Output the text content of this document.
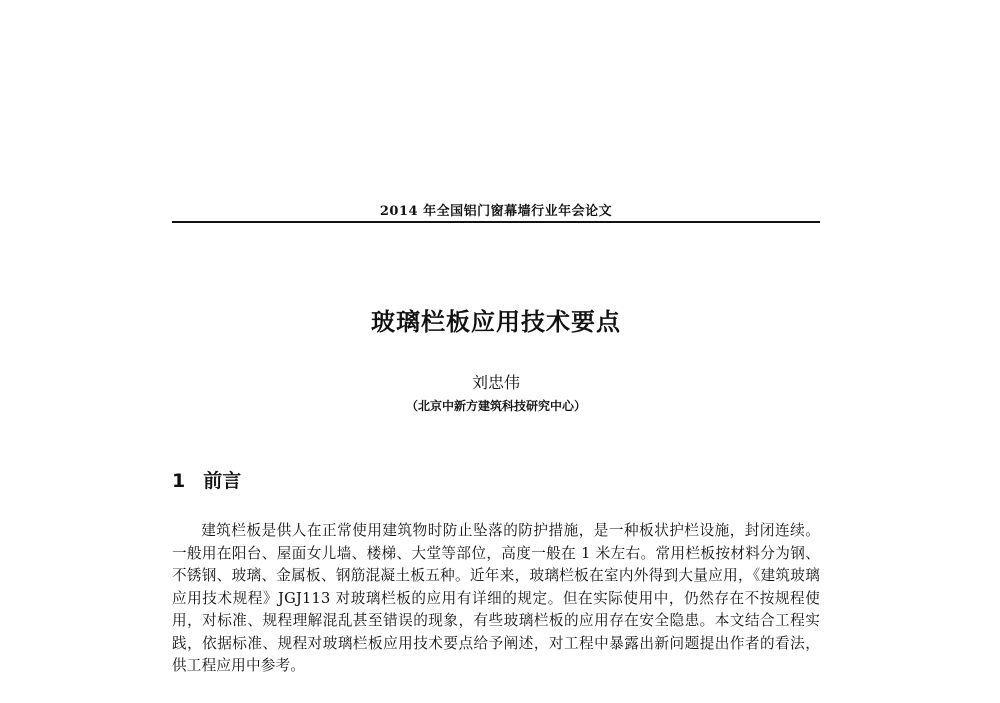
2014 年全国铝门窗幕墙行业年会论文
玻璃栏板应用技术要点
刘忠伟
（北京中新方建筑科技研究中心）
1 前言

建筑栏板是供人在正常使用建筑物时防止坠落的防护措施，是一种板状护栏设施，封闭连续。一般用在阳台、屋面女儿墙、楼梯、大堂等部位，高度一般在 1 米左右。常用栏板按材料分为钢、不锈钢、玻璃、金属板、钢筋混凝土板五种。近年来，玻璃栏板在室内外得到大量应用，《建筑玻璃应用技术规程》JGJ113 对玻璃栏板的应用有详细的规定。但在实际使用中，仍然存在不按规程使用，对标准、规程理解混乱甚至错误的现象，有些玻璃栏板的应用存在安全隐患。本文结合工程实践，依据标准、规程对玻璃栏板应用技术要点给予阐述，对工程中暴露出新问题提出作者的看法，供工程应用中参考。
